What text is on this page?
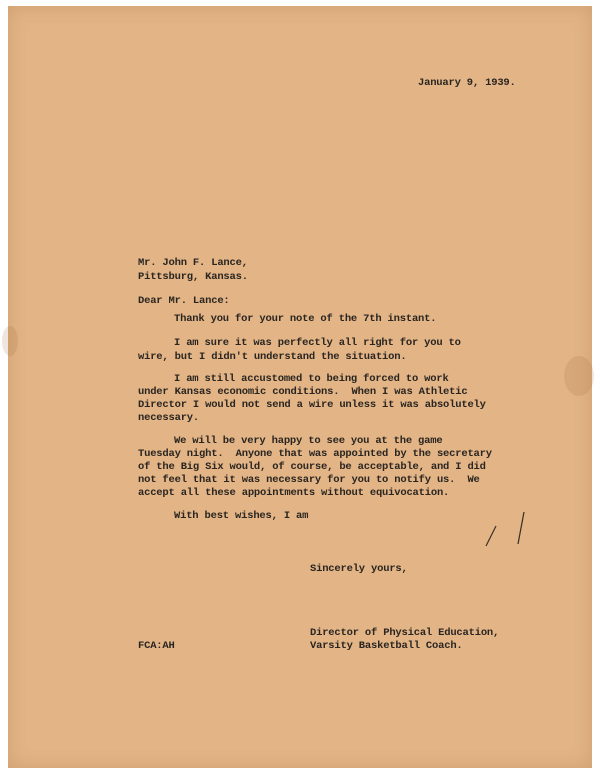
January 9, 1939.
Mr. John F. Lance,
Pittsburg, Kansas.
Dear Mr. Lance:
Thank you for your note of the 7th instant.
I am sure it was perfectly all right for you to
wire, but I didn't understand the situation.
I am still accustomed to being forced to work
under Kansas economic conditions.  When I was Athletic
Director I would not send a wire unless it was absolutely
necessary.
We will be very happy to see you at the game
Tuesday night.  Anyone that was appointed by the secretary
of the Big Six would, of course, be acceptable, and I did
not feel that it was necessary for you to notify us.  We
accept all these appointments without equivocation.
With best wishes, I am
Sincerely yours,
Director of Physical Education,
Varsity Basketball Coach.
FCA:AH
